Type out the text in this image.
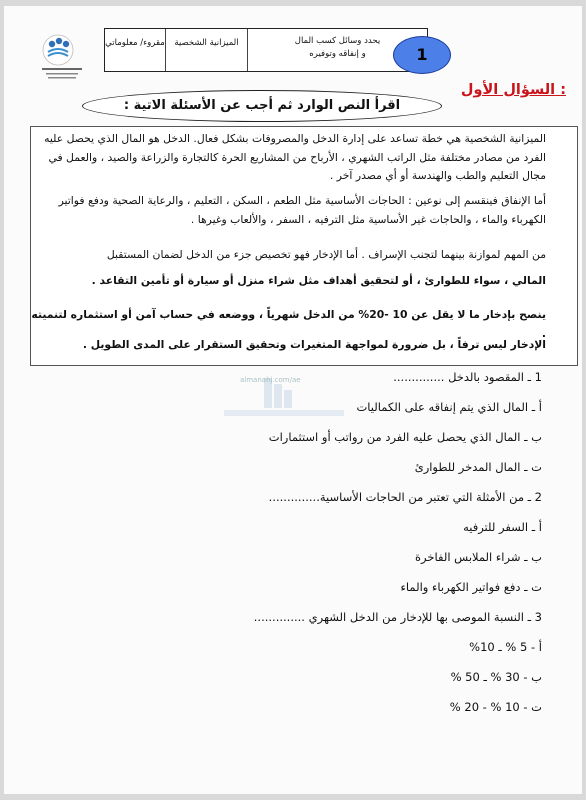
مقروء/ معلوماتي	الميزانية الشخصية	يحدد وسائل كسب المال
و إنفاقه وتوفيره	1
السؤال الأول :
اقرأ النص الوارد ثم أجب عن الأسئلة الاتية :
الميزانية الشخصية هي خطة تساعد على إدارة الدخل والمصروفات بشكل فعال. الدخل هو المال الذي يحصل عليه الفرد من مصادر مختلفة مثل الراتب الشهري ، الأرباح من المشاريع الحرة كالتجارة والزراعة والصيد ، والعمل في مجال التعليم والطب والهندسة أو أي مصدر آخر .
أما الإنفاق فينقسم إلى نوعين : الحاجات الأساسية مثل الطعم ، السكن ، التعليم ، والرعاية الصحية ودفع فواتير الكهرباء والماء ، والحاجات غير الأساسية مثل الترفيه ، السفر ، والألعاب وغيرها .
من المهم لموازنة بينهما لتجنب الإسراف . أما الإدخار فهو تخصيص جزء من الدخل لضمان المستقبل
المالي ، سواء للطوارئ ، أو لتحقيق أهداف مثل شراء منزل أو سيارة أو تأمين التقاعد .
ينصح بإدخار ما لا يقل عن 10 -20% من الدخل شهرياً ، ووضعه في حساب آمن أو استثماره لتنميته .
الإدخار ليس ترفاً ، بل ضرورة لمواجهة المتغيرات وتحقيق الستقرار على المدى الطويل .
almanahj.com/ae	1 ـ المقصود بالدخل ..............
أ ـ المال الذي يتم إنفاقه على الكماليات
ب ـ المال الذي يحصل عليه الفرد من رواتب أو استثمارات
ت ـ المال المدخر للطوارئ
2 ـ من الأمثلة التي تعتبر من الحاجات الأساسية..............
أ ـ السفر للترفيه
ب ـ شراء الملابس الفاخرة
ت ـ دفع فواتير الكهرباء والماء
3 ـ النسبة الموصى بها للإدخار من الدخل الشهري ..............
أ - 5 % ـ 10%
ب - 30 % ـ 50 %
ت - 10 % - 20 %
